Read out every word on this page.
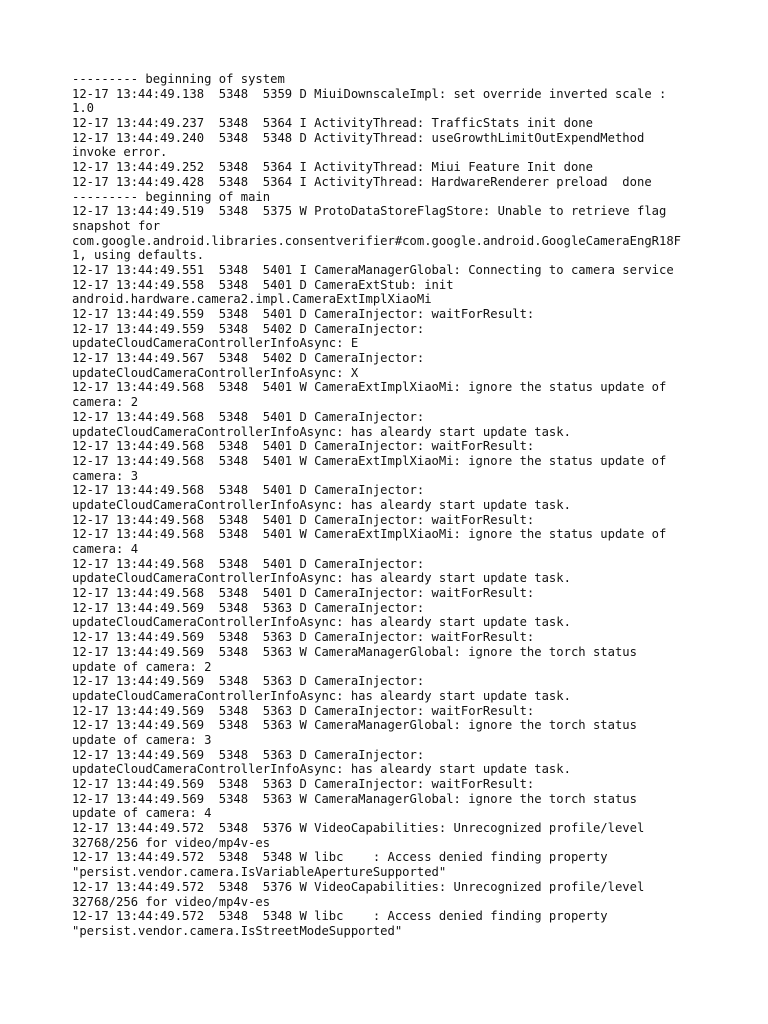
--------- beginning of system
12-17 13:44:49.138  5348  5359 D MiuiDownscaleImpl: set override inverted scale :
1.0
12-17 13:44:49.237  5348  5364 I ActivityThread: TrafficStats init done
12-17 13:44:49.240  5348  5348 D ActivityThread: useGrowthLimitOutExpendMethod
invoke error.
12-17 13:44:49.252  5348  5364 I ActivityThread: Miui Feature Init done
12-17 13:44:49.428  5348  5364 I ActivityThread: HardwareRenderer preload  done
--------- beginning of main
12-17 13:44:49.519  5348  5375 W ProtoDataStoreFlagStore: Unable to retrieve flag
snapshot for
com.google.android.libraries.consentverifier#com.google.android.GoogleCameraEngR18F
1, using defaults.
12-17 13:44:49.551  5348  5401 I CameraManagerGlobal: Connecting to camera service
12-17 13:44:49.558  5348  5401 D CameraExtStub: init
android.hardware.camera2.impl.CameraExtImplXiaoMi
12-17 13:44:49.559  5348  5401 D CameraInjector: waitForResult:
12-17 13:44:49.559  5348  5402 D CameraInjector:
updateCloudCameraControllerInfoAsync: E
12-17 13:44:49.567  5348  5402 D CameraInjector:
updateCloudCameraControllerInfoAsync: X
12-17 13:44:49.568  5348  5401 W CameraExtImplXiaoMi: ignore the status update of
camera: 2
12-17 13:44:49.568  5348  5401 D CameraInjector:
updateCloudCameraControllerInfoAsync: has aleardy start update task.
12-17 13:44:49.568  5348  5401 D CameraInjector: waitForResult:
12-17 13:44:49.568  5348  5401 W CameraExtImplXiaoMi: ignore the status update of
camera: 3
12-17 13:44:49.568  5348  5401 D CameraInjector:
updateCloudCameraControllerInfoAsync: has aleardy start update task.
12-17 13:44:49.568  5348  5401 D CameraInjector: waitForResult:
12-17 13:44:49.568  5348  5401 W CameraExtImplXiaoMi: ignore the status update of
camera: 4
12-17 13:44:49.568  5348  5401 D CameraInjector:
updateCloudCameraControllerInfoAsync: has aleardy start update task.
12-17 13:44:49.568  5348  5401 D CameraInjector: waitForResult:
12-17 13:44:49.569  5348  5363 D CameraInjector:
updateCloudCameraControllerInfoAsync: has aleardy start update task.
12-17 13:44:49.569  5348  5363 D CameraInjector: waitForResult:
12-17 13:44:49.569  5348  5363 W CameraManagerGlobal: ignore the torch status
update of camera: 2
12-17 13:44:49.569  5348  5363 D CameraInjector:
updateCloudCameraControllerInfoAsync: has aleardy start update task.
12-17 13:44:49.569  5348  5363 D CameraInjector: waitForResult:
12-17 13:44:49.569  5348  5363 W CameraManagerGlobal: ignore the torch status
update of camera: 3
12-17 13:44:49.569  5348  5363 D CameraInjector:
updateCloudCameraControllerInfoAsync: has aleardy start update task.
12-17 13:44:49.569  5348  5363 D CameraInjector: waitForResult:
12-17 13:44:49.569  5348  5363 W CameraManagerGlobal: ignore the torch status
update of camera: 4
12-17 13:44:49.572  5348  5376 W VideoCapabilities: Unrecognized profile/level
32768/256 for video/mp4v-es
12-17 13:44:49.572  5348  5348 W libc    : Access denied finding property
"persist.vendor.camera.IsVariableApertureSupported"
12-17 13:44:49.572  5348  5376 W VideoCapabilities: Unrecognized profile/level
32768/256 for video/mp4v-es
12-17 13:44:49.572  5348  5348 W libc    : Access denied finding property
"persist.vendor.camera.IsStreetModeSupported"
